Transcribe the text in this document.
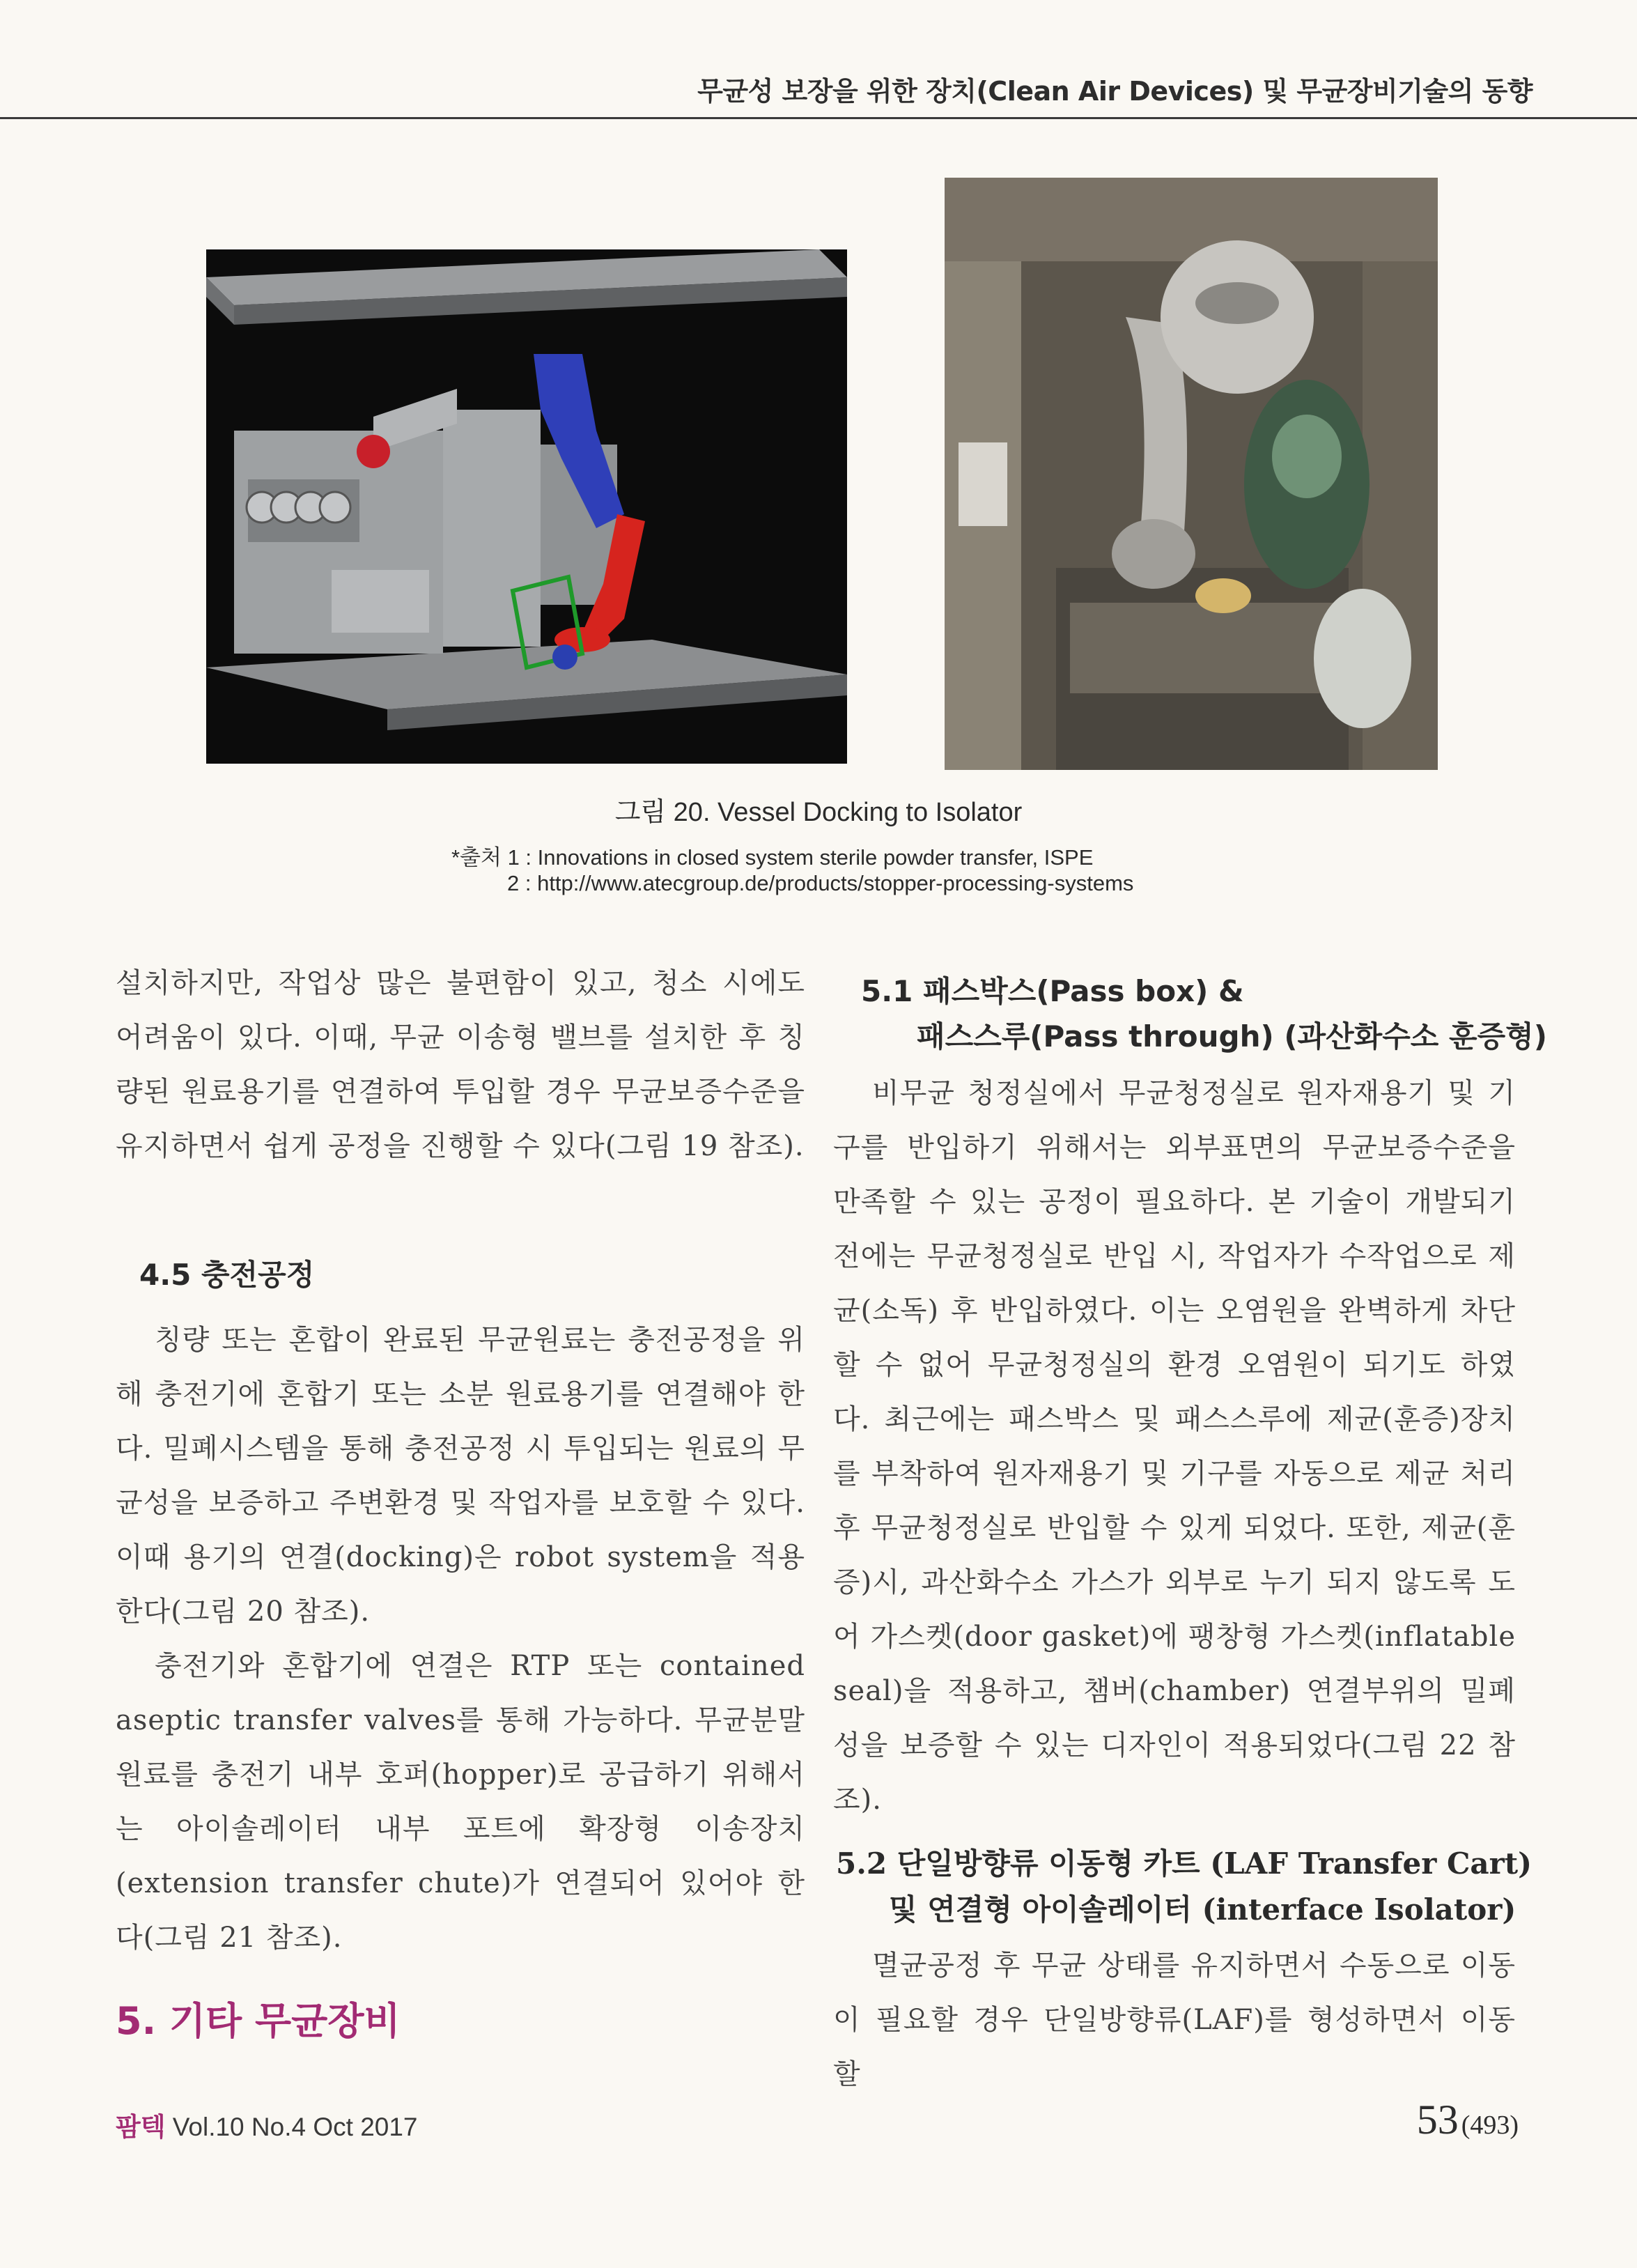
무균성 보장을 위한 장치(Clean Air Devices) 및 무균장비기술의 동향
그림 20. Vessel Docking to Isolator
*출처 1 : Innovations in closed system sterile powder transfer, ISPE
2 : http://www.atecgroup.de/products/stopper-processing-systems
설치하지만, 작업상 많은 불편함이 있고, 청소 시에도 어려움이 있다. 이때, 무균 이송형 밸브를 설치한 후 칭량된 원료용기를 연결하여 투입할 경우 무균보증수준을 유지하면서 쉽게 공정을 진행할 수 있다(그림 19 참조).
4.5 충전공정
칭량 또는 혼합이 완료된 무균원료는 충전공정을 위해 충전기에 혼합기 또는 소분 원료용기를 연결해야 한다. 밀폐시스템을 통해 충전공정 시 투입되는 원료의 무균성을 보증하고 주변환경 및 작업자를 보호할 수 있다. 이때 용기의 연결(docking)은 robot system을 적용한다(그림 20 참조).
충전기와 혼합기에 연결은 RTP 또는 contained aseptic transfer valves를 통해 가능하다. 무균분말 원료를 충전기 내부 호퍼(hopper)로 공급하기 위해서는 아이솔레이터 내부 포트에 확장형 이송장치(extension transfer chute)가 연결되어 있어야 한다(그림 21 참조).
5. 기타 무균장비
5.1 패스박스(Pass box) &
패스스루(Pass through) (과산화수소 훈증형)
비무균 청정실에서 무균청정실로 원자재용기 및 기구를 반입하기 위해서는 외부표면의 무균보증수준을 만족할 수 있는 공정이 필요하다. 본 기술이 개발되기 전에는 무균청정실로 반입 시, 작업자가 수작업으로 제균(소독) 후 반입하였다. 이는 오염원을 완벽하게 차단할 수 없어 무균청정실의 환경 오염원이 되기도 하였다. 최근에는 패스박스 및 패스스루에 제균(훈증)장치를 부착하여 원자재용기 및 기구를 자동으로 제균 처리 후 무균청정실로 반입할 수 있게 되었다. 또한, 제균(훈증)시, 과산화수소 가스가 외부로 누기 되지 않도록 도어 가스켓(door gasket)에 팽창형 가스켓(inflatable seal)을 적용하고, 챔버(chamber) 연결부위의 밀폐성을 보증할 수 있는 디자인이 적용되었다(그림 22 참조).
5.2 단일방향류 이동형 카트 (LAF Transfer Cart)
및 연결형 아이솔레이터 (interface Isolator)
멸균공정 후 무균 상태를 유지하면서 수동으로 이동이 필요할 경우 단일방향류(LAF)를 형성하면서 이동할
팜텍 Vol.10 No.4 Oct 2017	53 (493)
